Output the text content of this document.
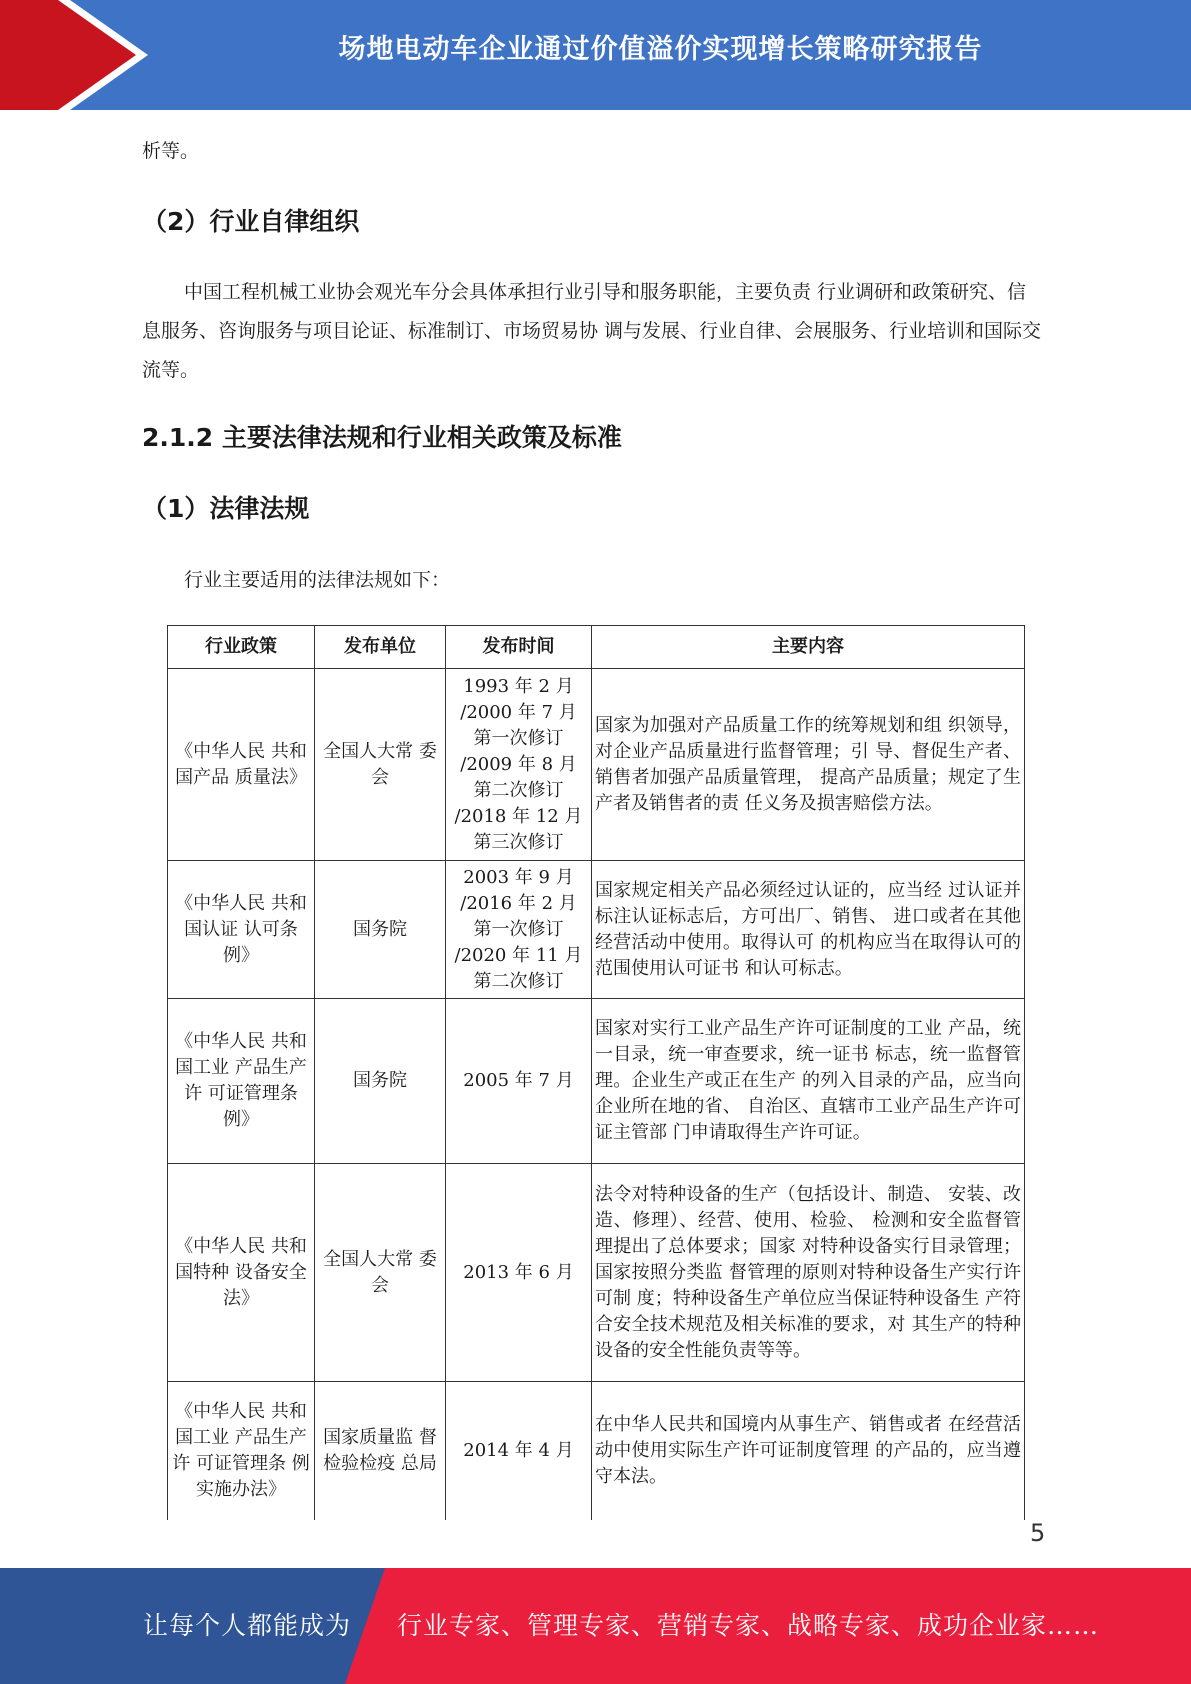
场地电动车企业通过价值溢价实现增长策略研究报告

析等。

（2）行业自律组织

中国工程机械工业协会观光车分会具体承担行业引导和服务职能，主要负责 行业调研和政策研究、信息服务、咨询服务与项目论证、标准制订、市场贸易协 调与发展、行业自律、会展服务、行业培训和国际交流等。

2.1.2 主要法律法规和行业相关政策及标准
（1）法律法规

行业主要适用的法律法规如下：

行业政策	发布单位	发布时间	主要内容
《中华人民 共和国产品 质量法》	全国人大常 委会	1993 年 2 月 /2000 年 7 月 第一次修订 /2009 年 8 月 第二次修订 /2018 年 12 月 第三次修订	国家为加强对产品质量工作的统筹规划和组 织领导，对企业产品质量进行监督管理；引 导、督促生产者、销售者加强产品质量管理， 提高产品质量；规定了生产者及销售者的责 任义务及损害赔偿方法。
《中华人民 共和国认证 认可条例》	国务院	2003 年 9 月 /2016 年 2 月 第一次修订 /2020 年 11 月 第二次修订	国家规定相关产品必须经过认证的，应当经 过认证并标注认证标志后，方可出厂、销售、 进口或者在其他经营活动中使用。取得认可 的机构应当在取得认可的范围使用认可证书 和认可标志。
《中华人民 共和国工业 产品生产许 可证管理条 例》	国务院	2005 年 7 月	国家对实行工业产品生产许可证制度的工业 产品，统一目录，统一审查要求，统一证书 标志，统一监督管理。企业生产或正在生产 的列入目录的产品，应当向企业所在地的省、 自治区、直辖市工业产品生产许可证主管部 门申请取得生产许可证。
《中华人民 共和国特种 设备安全法》	全国人大常 委会	2013 年 6 月	法令对特种设备的生产（包括设计、制造、 安装、改造、修理）、经营、使用、检验、 检测和安全监督管理提出了总体要求；国家 对特种设备实行目录管理；国家按照分类监 督管理的原则对特种设备生产实行许可制 度；特种设备生产单位应当保证特种设备生 产符合安全技术规范及相关标准的要求，对 其生产的特种设备的安全性能负责等等。
《中华人民 共和国工业 产品生产许 可证管理条 例实施办法》	国家质量监 督检验检疫 总局	2014 年 4 月	在中华人民共和国境内从事生产、销售或者 在经营活动中使用实际生产许可证制度管理 的产品的，应当遵守本法。
5
让每个人都能成为 行业专家、管理专家、营销专家、战略专家、成功企业家……
